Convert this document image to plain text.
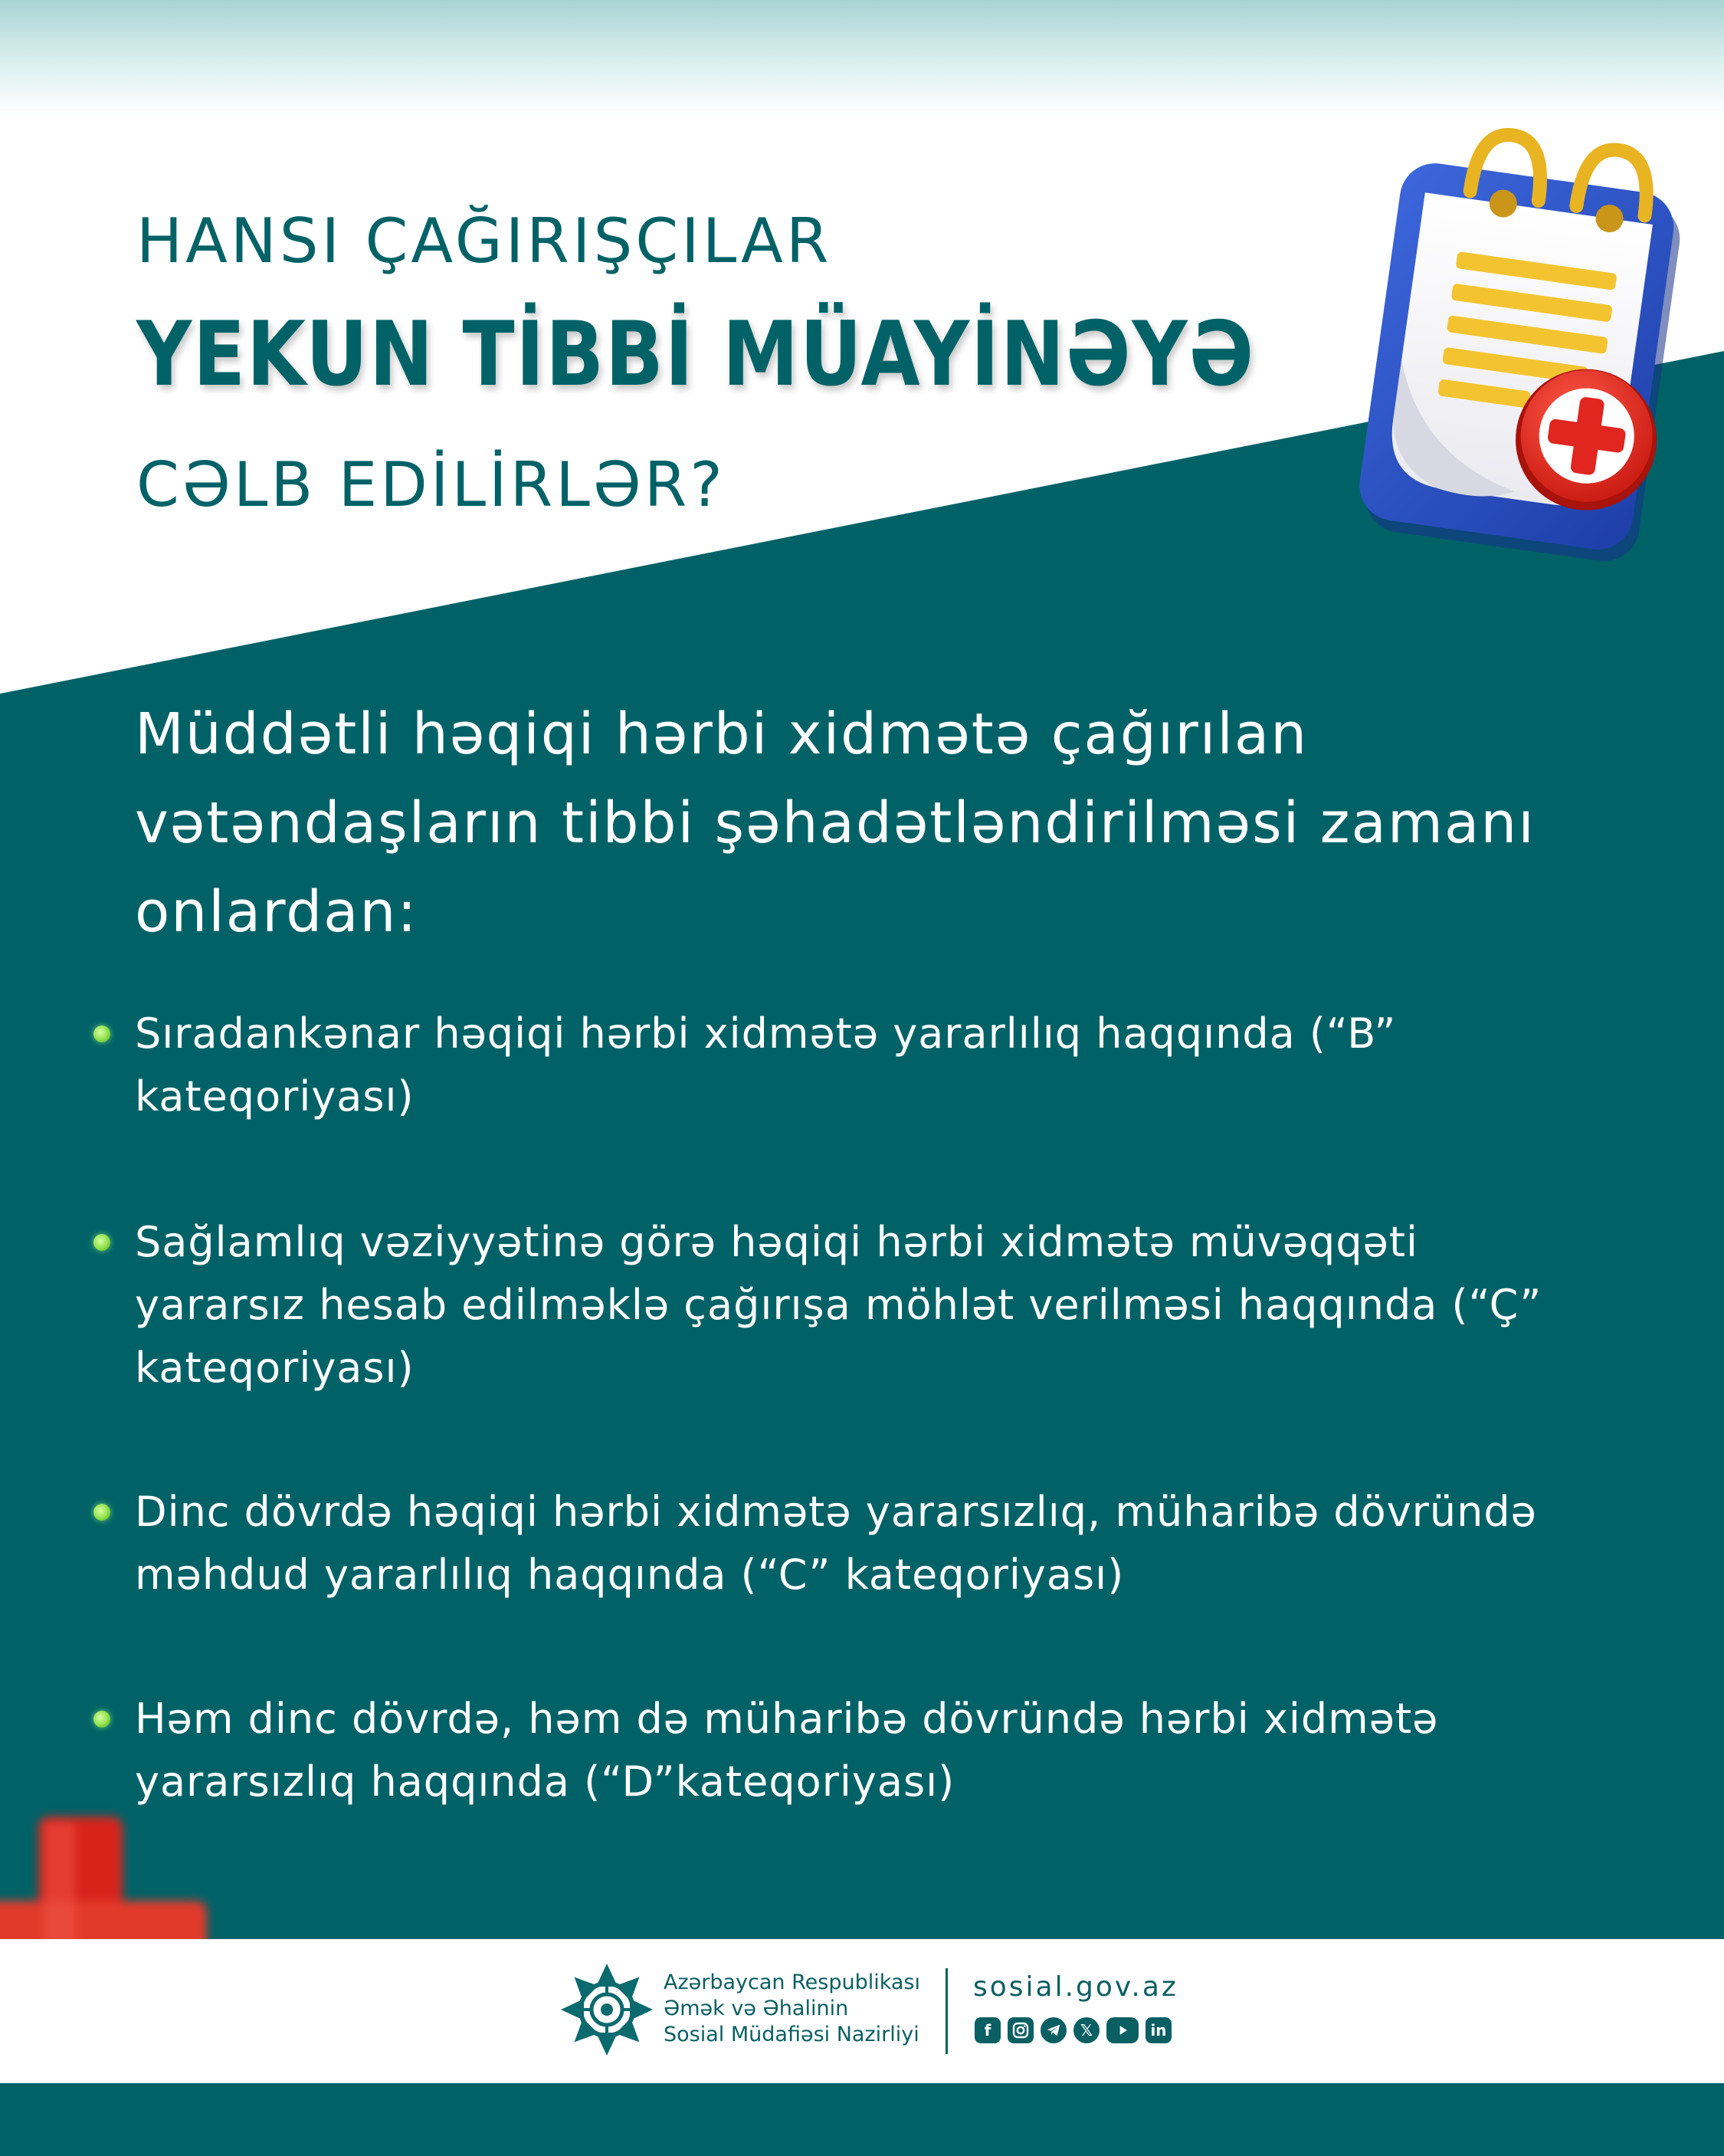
HANSI ÇAĞIRIŞÇILAR
YEKUN TİBBİ MÜAYİNƏYƏ
CƏLB EDİLİRLƏR?
Müddətli həqiqi hərbi xidmətə çağırılan vətəndaşların tibbi şəhadətləndirilməsi zamanı onlardan:
Sıradankənar həqiqi hərbi xidmətə yararlılıq haqqında (“B” kateqoriyası)
Sağlamlıq vəziyyətinə görə həqiqi hərbi xidmətə müvəqqəti yararsız hesab edilməklə çağırışa möhlət verilməsi haqqında (“Ç” kateqoriyası)
Dinc dövrdə həqiqi hərbi xidmətə yararsızlıq, müharibə dövründə məhdud yararlılıq haqqında (“C” kateqoriyası)
Həm dinc dövrdə, həm də müharibə dövründə hərbi xidmətə yararsızlıq haqqında (“D”kateqoriyası)
Azərbaycan Respublikası
Əmək və Əhalinin
Sosial Müdafiəsi Nazirliyi
sosial.gov.az
f	𝕏	in
